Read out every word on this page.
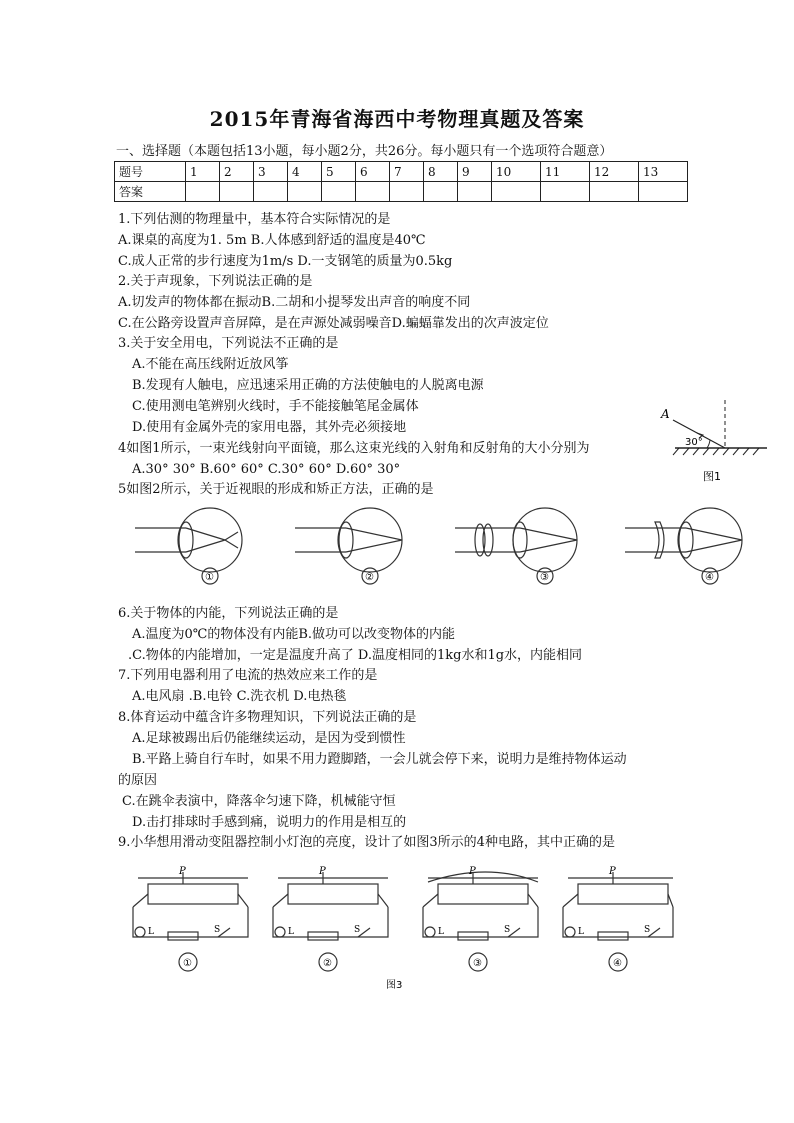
2015年青海省海西中考物理真题及答案
一、选择题（本题包括13小题，每小题2分，共26分。每小题只有一个选项符合题意）
题号	1	2	3	4	5	6	7	8	9	10	11	12	13
答案													
1.下列估测的物理量中，基本符合实际情况的是
A.课桌的高度为1. 5m B.人体感到舒适的温度是40℃
C.成人正常的步行速度为1m/s D.一支钢笔的质量为0.5kg
2.关于声现象，下列说法正确的是
A.切发声的物体都在振动B.二胡和小提琴发出声音的响度不同
C.在公路旁设置声音屏障，是在声源处减弱噪音D.蝙蝠靠发出的次声波定位
3.关于安全用电，下列说法不正确的是
A.不能在高压线附近放风筝
B.发现有人触电，应迅速采用正确的方法使触电的人脱离电源
C.使用测电笔辨别火线时，手不能接触笔尾金属体
D.使用有金属外壳的家用电器，其外壳必须接地
4如图1所示，一束光线射向平面镜，那么这束光线的入射角和反射角的大小分别为
A.30° 30° B.60° 60° C.30° 60° D.60° 30°
5如图2所示，关于近视眼的形成和矫正方法，正确的是
A
30°
图1
①	②	③	④
6.关于物体的内能，下列说法正确的是
A.温度为0℃的物体没有内能B.做功可以改变物体的内能
.C.物体的内能增加，一定是温度升高了 D.温度相同的1kg水和1g水，内能相同
7.下列用电器利用了电流的热效应来工作的是
A.电风扇 .B.电铃 C.洗衣机 D.电热毯
8.体育运动中蕴含许多物理知识，下列说法正确的是
A.足球被踢出后仍能继续运动，是因为受到惯性
B.平路上骑自行车时，如果不用力蹬脚踏，一会儿就会停下来，说明力是维持物体运动
的原因
C.在跳伞表演中，降落伞匀速下降，机械能守恒
D.击打排球时手感到痛，说明力的作用是相互的
9.小华想用滑动变阻器控制小灯泡的亮度，设计了如图3所示的4种电路，其中正确的是
P	P	P	P
L	L	L	L
S	S	S	S
①	②	③	④
图3
